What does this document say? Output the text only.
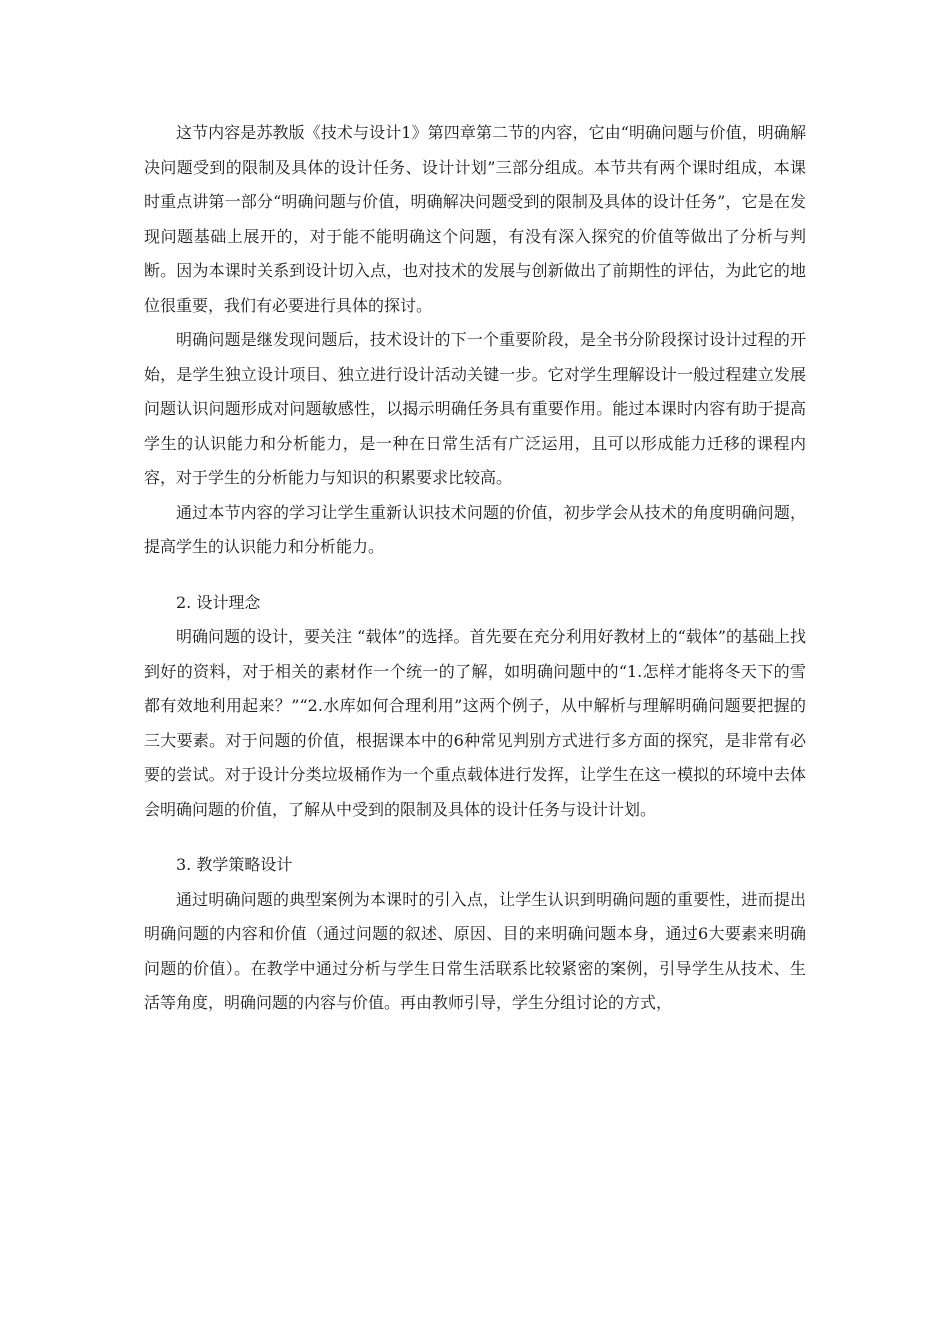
这节内容是苏教版《技术与设计1》第四章第二节的内容，它由“明确问题与价值，明确解决问题受到的限制及具体的设计任务、设计计划”三部分组成。本节共有两个课时组成，本课时重点讲第一部分“明确问题与价值，明确解决问题受到的限制及具体的设计任务”，它是在发现问题基础上展开的，对于能不能明确这个问题，有没有深入探究的价值等做出了分析与判断。因为本课时关系到设计切入点，也对技术的发展与创新做出了前期性的评估，为此它的地位很重要，我们有必要进行具体的探讨。

明确问题是继发现问题后，技术设计的下一个重要阶段，是全书分阶段探讨设计过程的开始，是学生独立设计项目、独立进行设计活动关键一步。它对学生理解设计一般过程建立发展问题认识问题形成对问题敏感性，以揭示明确任务具有重要作用。能过本课时内容有助于提高学生的认识能力和分析能力，是一种在日常生活有广泛运用，且可以形成能力迁移的课程内容，对于学生的分析能力与知识的积累要求比较高。

通过本节内容的学习让学生重新认识技术问题的价值，初步学会从技术的角度明确问题，提高学生的认识能力和分析能力。

2. 设计理念

明确问题的设计，要关注 “载体”的选择。首先要在充分利用好教材上的“载体”的基础上找到好的资料，对于相关的素材作一个统一的了解，如明确问题中的“1.怎样才能将冬天下的雪都有效地利用起来？”“2.水库如何合理利用”这两个例子，从中解析与理解明确问题要把握的三大要素。对于问题的价值，根据课本中的6种常见判别方式进行多方面的探究，是非常有必要的尝试。对于设计分类垃圾桶作为一个重点载体进行发挥，让学生在这一模拟的环境中去体会明确问题的价值，了解从中受到的限制及具体的设计任务与设计计划。

3. 教学策略设计

通过明确问题的典型案例为本课时的引入点，让学生认识到明确问题的重要性，进而提出明确问题的内容和价值（通过问题的叙述、原因、目的来明确问题本身，通过6大要素来明确问题的价值）。在教学中通过分析与学生日常生活联系比较紧密的案例，引导学生从技术、生活等角度，明确问题的内容与价值。再由教师引导，学生分组讨论的方式，
